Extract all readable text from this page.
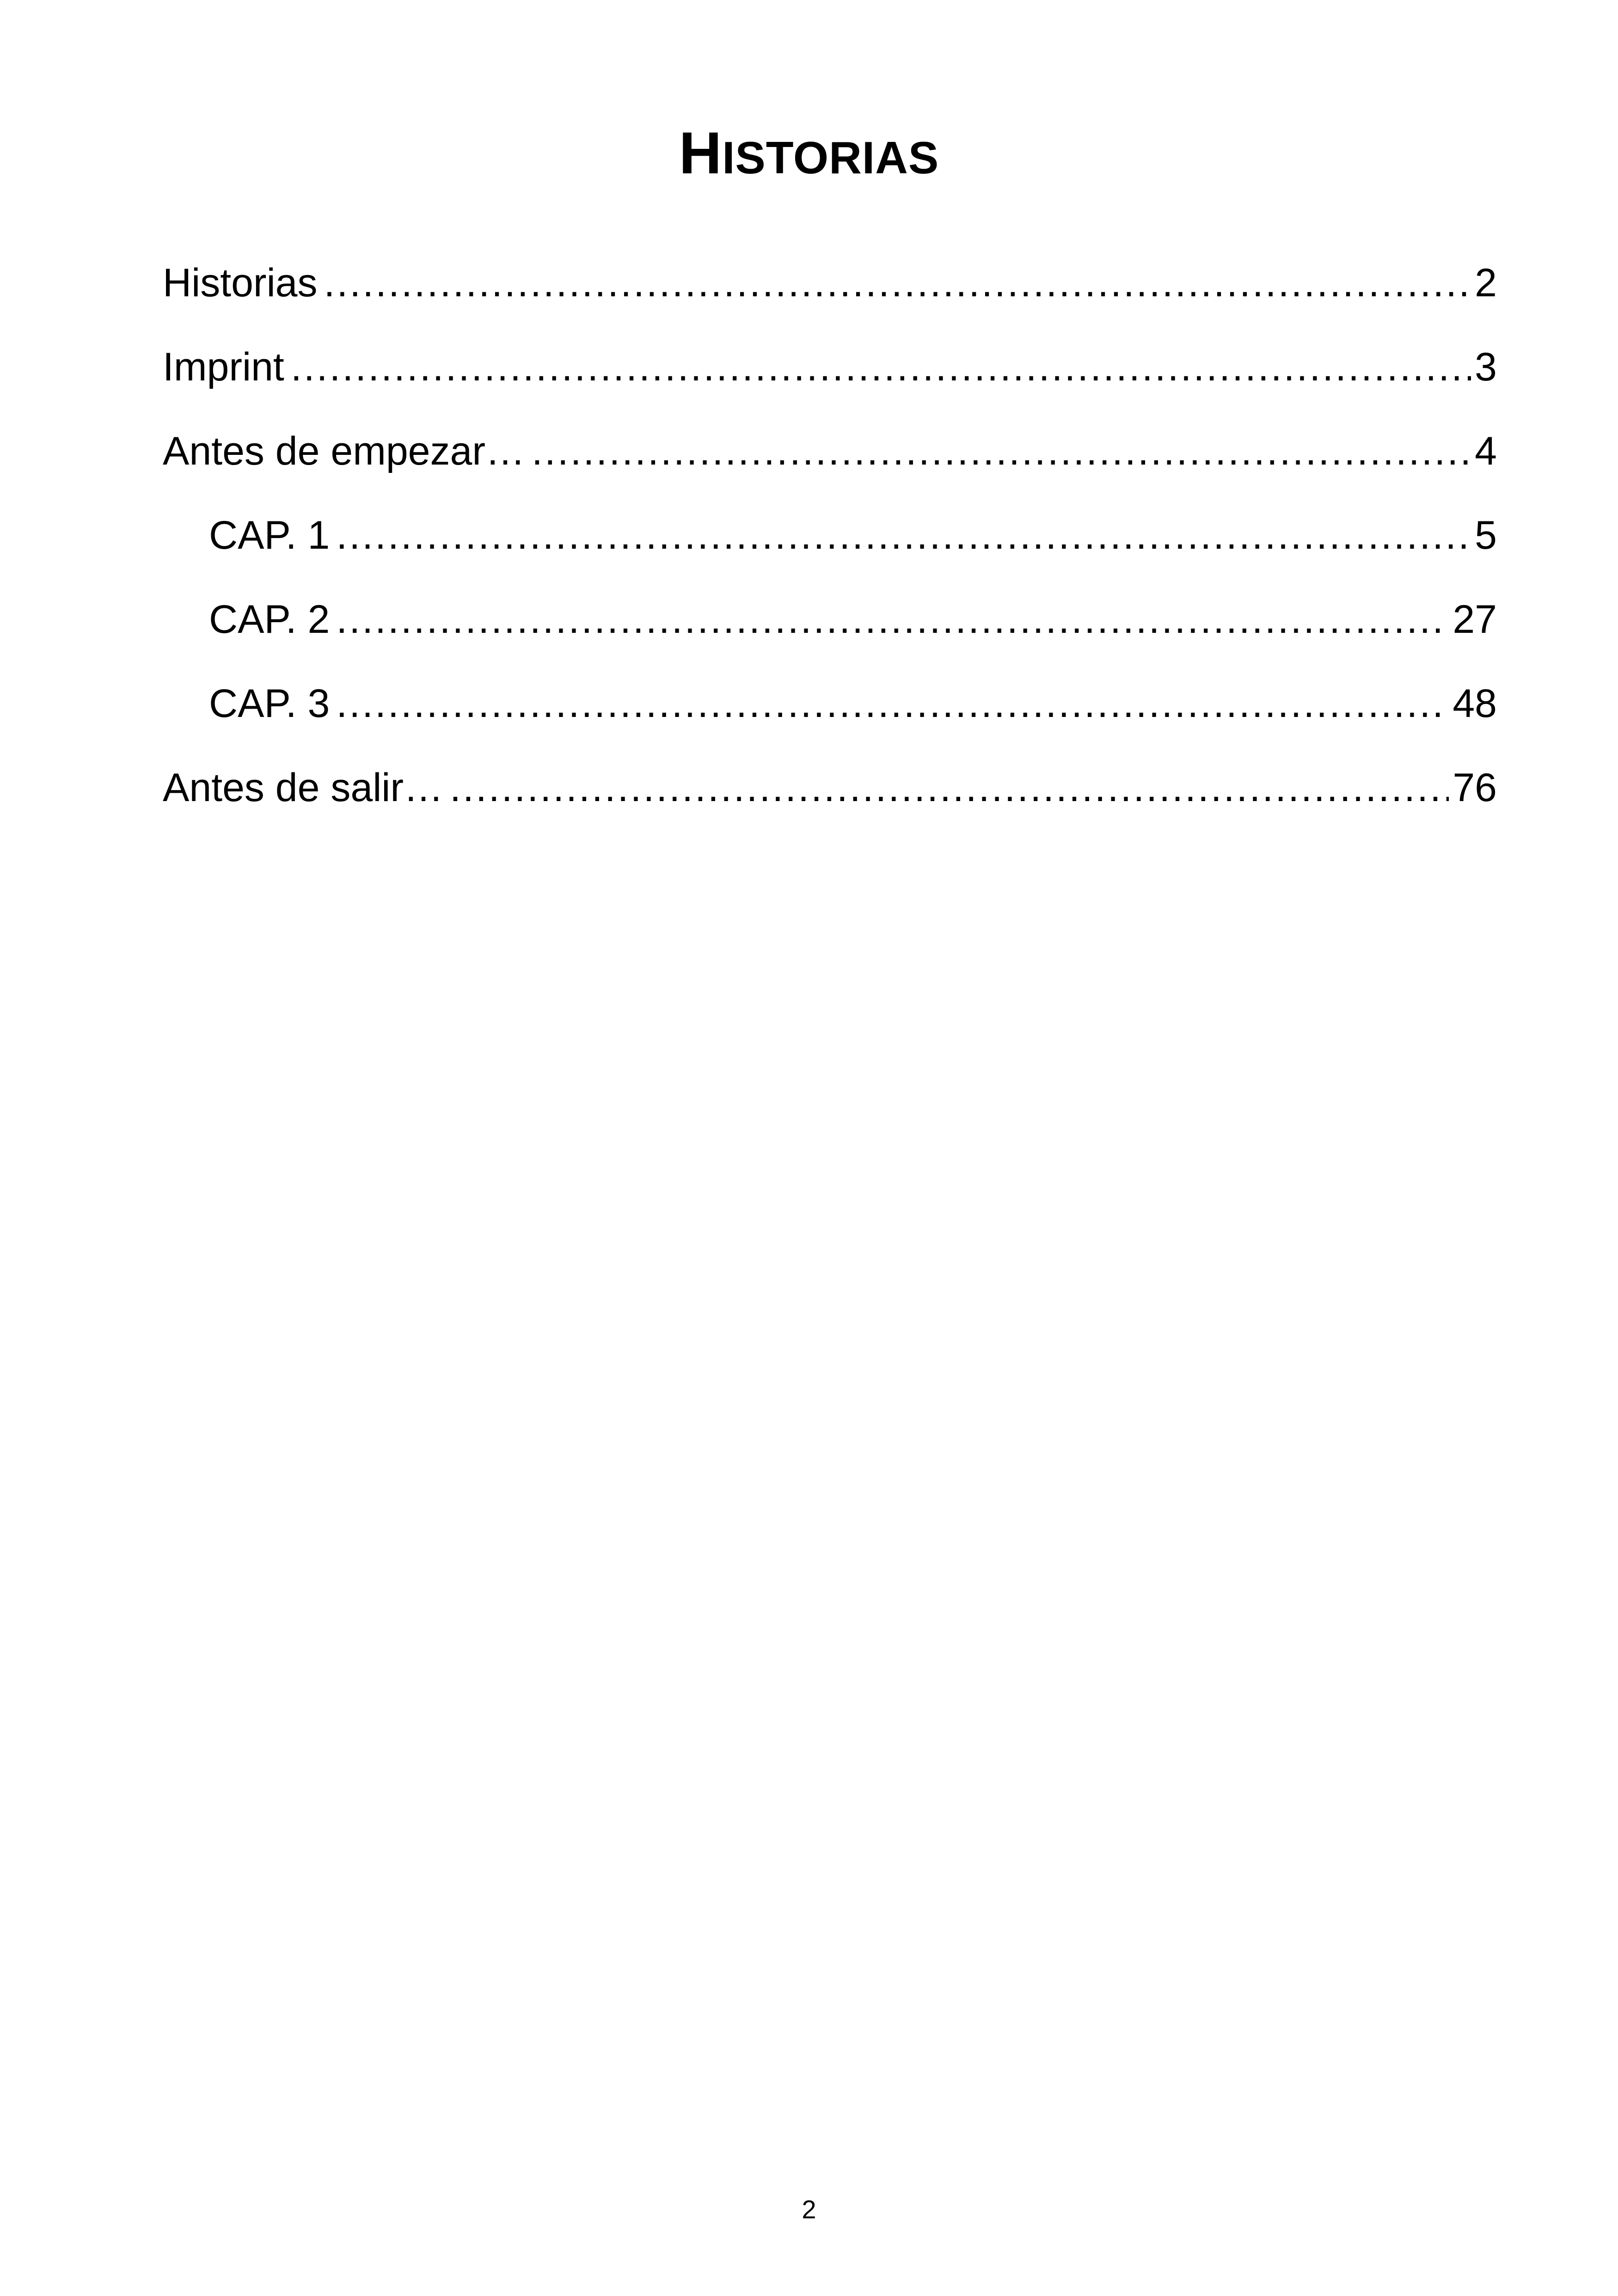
HISTORIAS
Historias .....	2
Imprint .....	3
Antes de empezar… .....	4
CAP. 1 .....	5
CAP. 2 .....	27
CAP. 3 .....	48
Antes de salir… .....	76
2
